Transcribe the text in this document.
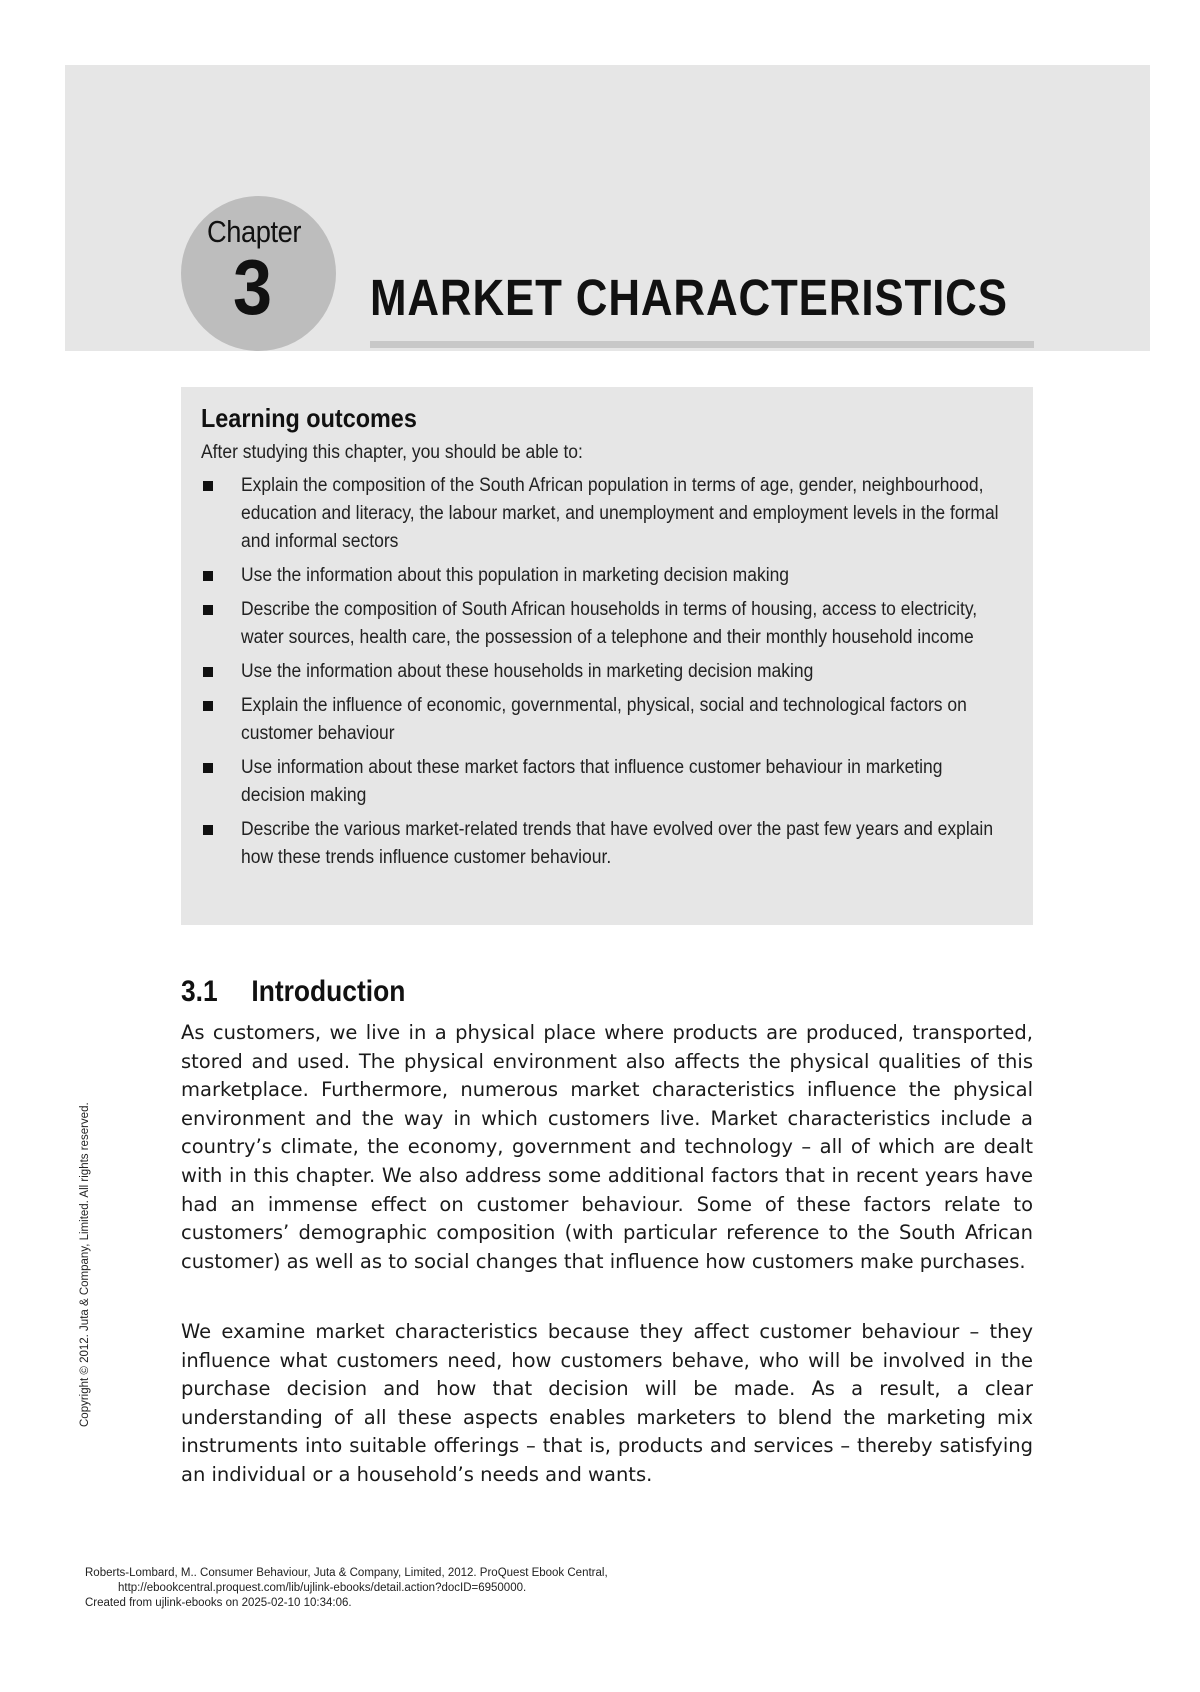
Chapter
3 MARKET CHARACTERISTICS
Learning outcomes
After studying this chapter, you should be able to:
Explain the composition of the South African population in terms of age, gender, neighbourhood, education and literacy, the labour market, and unemployment and employment levels in the formal and informal sectors
Use the information about this population in marketing decision making
Describe the composition of South African households in terms of housing, access to electricity, water sources, health care, the possession of a telephone and their monthly household income
Use the information about these households in marketing decision making
Explain the influence of economic, governmental, physical, social and technological factors on customer behaviour
Use information about these market factors that influence customer behaviour in marketing decision making
Describe the various market-related trends that have evolved over the past few years and explain how these trends influence customer behaviour.
3.1 Introduction

As customers, we live in a physical place where products are produced, transported, stored and used. The physical environment also affects the physical qualities of this marketplace. Furthermore, numerous market characteristics influence the physical environment and the way in which customers live. Market characteristics include a country’s climate, the economy, government and technology – all of which are dealt with in this chapter. We also address some additional factors that in recent years have had an immense effect on customer behaviour. Some of these factors relate to customers’ demographic composition (with particular reference to the South African customer) as well as to social changes that influence how customers make purchases.

We examine market characteristics because they affect customer behaviour – they influence what customers need, how customers behave, who will be involved in the purchase decision and how that decision will be made. As a result, a clear understanding of all these aspects enables marketers to blend the marketing mix instruments into suitable offerings – that is, products and services – thereby satisfying an individual or a household’s needs and wants.

Copyright © 2012. Juta & Company, Limited. All rights reserved.
Roberts-Lombard, M.. Consumer Behaviour, Juta & Company, Limited, 2012. ProQuest Ebook Central,
http://ebookcentral.proquest.com/lib/ujlink-ebooks/detail.action?docID=6950000.
Created from ujlink-ebooks on 2025-02-10 10:34:06.
